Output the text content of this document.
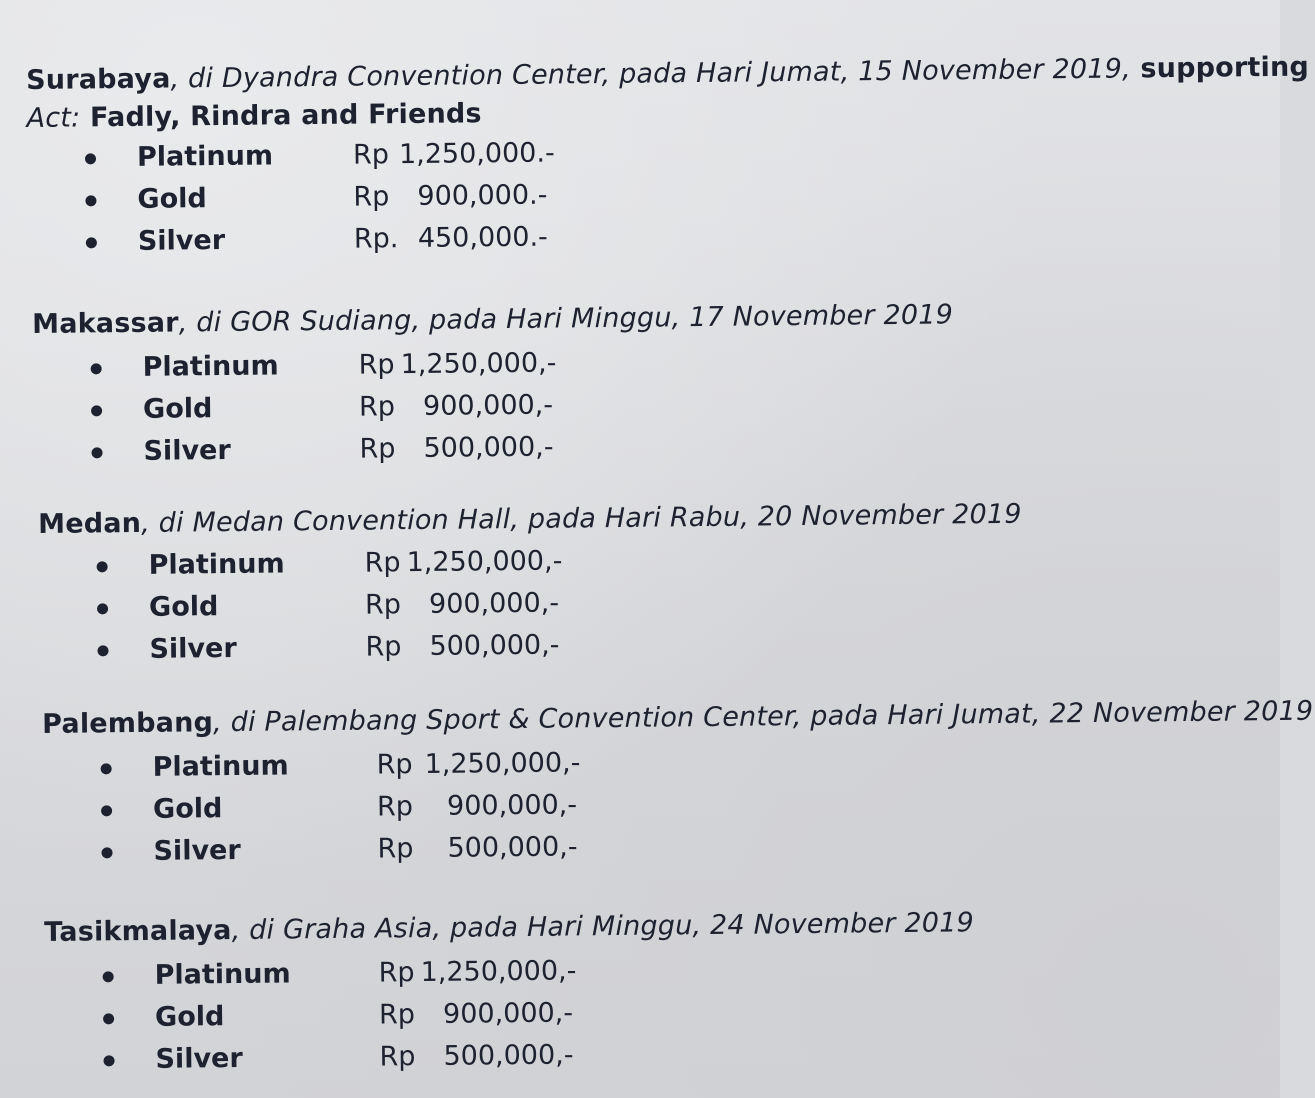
Surabaya, di Dyandra Convention Center, pada Hari Jumat, 15 November 2019, supporting
Act: Fadly, Rindra and Friends
Platinum	Rp 1,250,000.-
Gold	Rp 900,000.-
Silver	Rp. 450,000.-
Makassar, di GOR Sudiang, pada Hari Minggu, 17 November 2019
Platinum	Rp 1,250,000,-
Gold	Rp 900,000,-
Silver	Rp 500,000,-
Medan, di Medan Convention Hall, pada Hari Rabu, 20 November 2019
Platinum	Rp 1,250,000,-
Gold	Rp 900,000,-
Silver	Rp 500,000,-
Palembang, di Palembang Sport & Convention Center, pada Hari Jumat, 22 November 2019
Platinum	Rp 1,250,000,-
Gold	Rp 900,000,-
Silver	Rp 500,000,-
Tasikmalaya, di Graha Asia, pada Hari Minggu, 24 November 2019
Platinum	Rp 1,250,000,-
Gold	Rp 900,000,-
Silver	Rp 500,000,-
